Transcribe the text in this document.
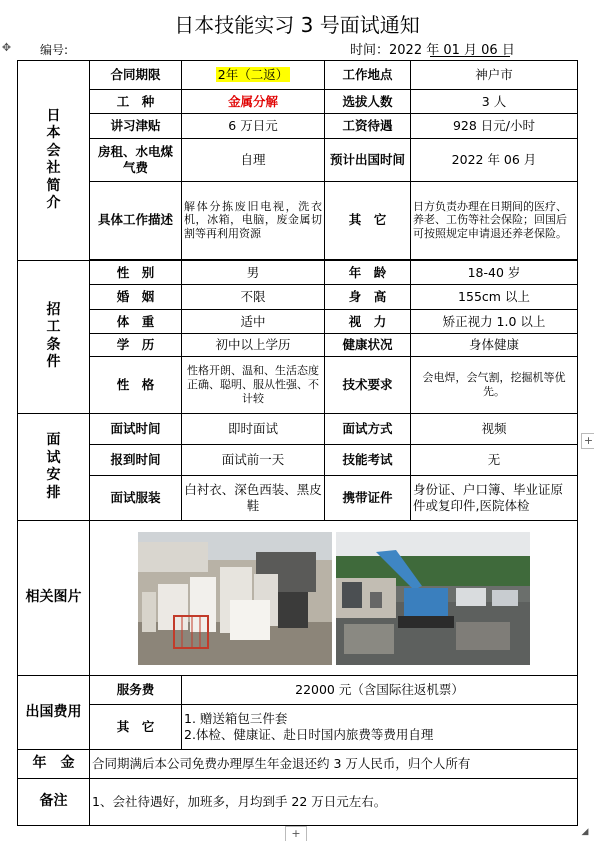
✥
日本技能实习 3 号面试通知
编号:	时间：2022 年 01 月 06 日
日本会社简介	合同期限	2年（二返）	工作地点	神户市
	工　种	金属分解	选拔人数	3 人
	讲习津贴	6 万日元	工资待遇	928 日元/小时
	房租、水电煤气费	自理	预计出国时间	2022 年 06 月
	具体工作描述	解体分拣废旧电视，洗衣机，冰箱，电脑，废金属切割等再利用资源	其　它	日方负责办理在日期间的医疗、养老、工伤等社会保险；回国后可按照规定申请退还养老保险。

招工条件	性　别	男	年　龄	18-40 岁
	婚　姻	不限	身　高	155cm 以上
	体　重	适中	视　力	矫正视力 1.0 以上
	学　历	初中以上学历	健康状况	身体健康
	性　格	性格开朗、温和、生活态度正确、聪明、服从性强、不计较	技术要求	会电焊，会气割，挖掘机等优先。
面试安排	面试时间	即时面试	面试方式	视频
	报到时间	面试前一天	技能考试	无
	面试服装	白衬衣、深色西装、黑皮鞋	携带证件	身份证、户口簿、毕业证原件或复印件,医院体检
相关图片	

出国费用	服务费	22000 元（含国际往返机票）		
	其　它	1. 赠送箱包三件套
2.体检、健康证、赴日时国内旅费等费用自理		

年　金	合同期满后本公司免费办理厚生年金退还约 3 万人民币，归个人所有			
备注	1、会社待遇好，加班多，月均到手 22 万日元左右。			
+
+	◢
